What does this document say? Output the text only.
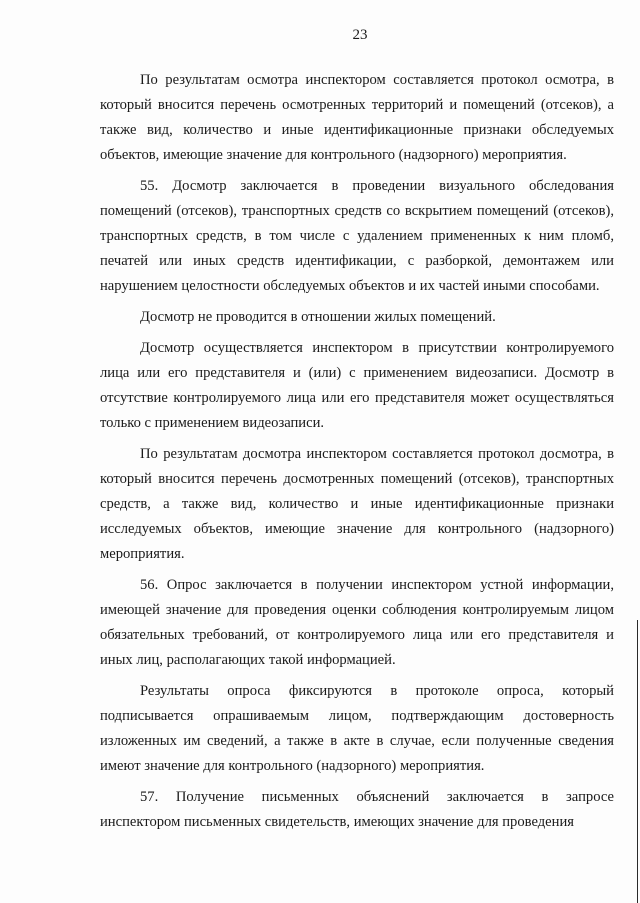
23

По результатам осмотра инспектором составляется протокол осмотра, в который вносится перечень осмотренных территорий и помещений (отсеков), а также вид, количество и иные идентификационные признаки обследуемых объектов, имеющие значение для контрольного (надзорного) мероприятия.

55. Досмотр заключается в проведении визуального обследования помещений (отсеков), транспортных средств со вскрытием помещений (отсеков), транспортных средств, в том числе с удалением примененных к ним пломб, печатей или иных средств идентификации, с разборкой, демонтажем или нарушением целостности обследуемых объектов и их частей иными способами.

Досмотр не проводится в отношении жилых помещений.

Досмотр осуществляется инспектором в присутствии контролируемого лица или его представителя и (или) с применением видеозаписи. Досмотр в отсутствие контролируемого лица или его представителя может осуществляться только с применением видеозаписи.

По результатам досмотра инспектором составляется протокол досмотра, в который вносится перечень досмотренных помещений (отсеков), транспортных средств, а также вид, количество и иные идентификационные признаки исследуемых объектов, имеющие значение для контрольного (надзорного) мероприятия.

56. Опрос заключается в получении инспектором устной информации, имеющей значение для проведения оценки соблюдения контролируемым лицом обязательных требований, от контролируемого лица или его представителя и иных лиц, располагающих такой информацией.

Результаты опроса фиксируются в протоколе опроса, который подписывается опрашиваемым лицом, подтверждающим достоверность изложенных им сведений, а также в акте в случае, если полученные сведения имеют значение для контрольного (надзорного) мероприятия.

57. Получение письменных объяснений заключается в запросе инспектором письменных свидетельств, имеющих значение для проведения
